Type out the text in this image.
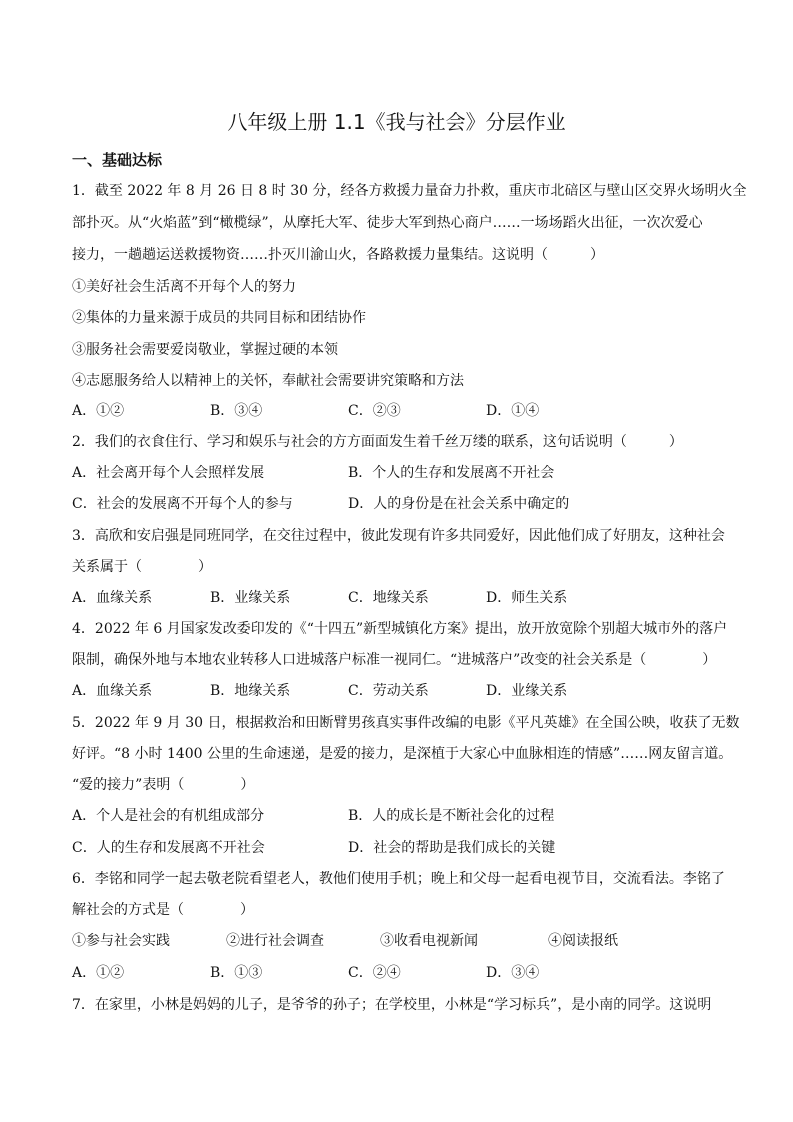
八年级上册 1.1《我与社会》分层作业
一、基础达标
1．截至 2022 年 8 月 26 日 8 时 30 分，经各方救援力量奋力扑救，重庆市北碚区与壁山区交界火场明火全
部扑灭。从“火焰蓝”到“橄榄绿”，从摩托大军、徒步大军到热心商户……一场场蹈火出征，一次次爱心
接力，一趟趟运送救援物资……扑灭川渝山火，各路救援力量集结。这说明（　　　）
①美好社会生活离不开每个人的努力
②集体的力量来源于成员的共同目标和团结协作
③服务社会需要爱岗敬业，掌握过硬的本领
④志愿服务给人以精神上的关怀，奉献社会需要讲究策略和方法
A．①②	B．③④	C．②③	D．①④
2．我们的衣食住行、学习和娱乐与社会的方方面面发生着千丝万缕的联系，这句话说明（　　　）
A．社会离开每个人会照样发展	B．个人的生存和发展离不开社会
C．社会的发展离不开每个人的参与	D．人的身份是在社会关系中确定的
3．高欣和安启强是同班同学，在交往过程中，彼此发现有许多共同爱好，因此他们成了好朋友，这种社会
关系属于（　　　　）
A．血缘关系	B．业缘关系	C．地缘关系	D．师生关系
4．2022 年 6 月国家发改委印发的《“十四五”新型城镇化方案》提出，放开放宽除个别超大城市外的落户
限制，确保外地与本地农业转移人口进城落户标准一视同仁。“进城落户”改变的社会关系是（　　　　）
A．血缘关系	B．地缘关系	C．劳动关系	D．业缘关系
5．2022 年 9 月 30 日，根据救治和田断臂男孩真实事件改编的电影《平凡英雄》在全国公映，收获了无数
好评。“8 小时 1400 公里的生命速递，是爱的接力，是深植于大家心中血脉相连的情感”……网友留言道。
“爱的接力”表明（　　　　）
A．个人是社会的有机组成部分	B．人的成长是不断社会化的过程
C．人的生存和发展离不开社会	D．社会的帮助是我们成长的关键
6．李铭和同学一起去敬老院看望老人，教他们使用手机；晚上和父母一起看电视节目，交流看法。李铭了
解社会的方式是（　　　　）
①参与社会实践	②进行社会调查	③收看电视新闻	④阅读报纸
A．①②	B．①③	C．②④	D．③④
7．在家里，小林是妈妈的儿子，是爷爷的孙子；在学校里，小林是“学习标兵”，是小南的同学。这说明
